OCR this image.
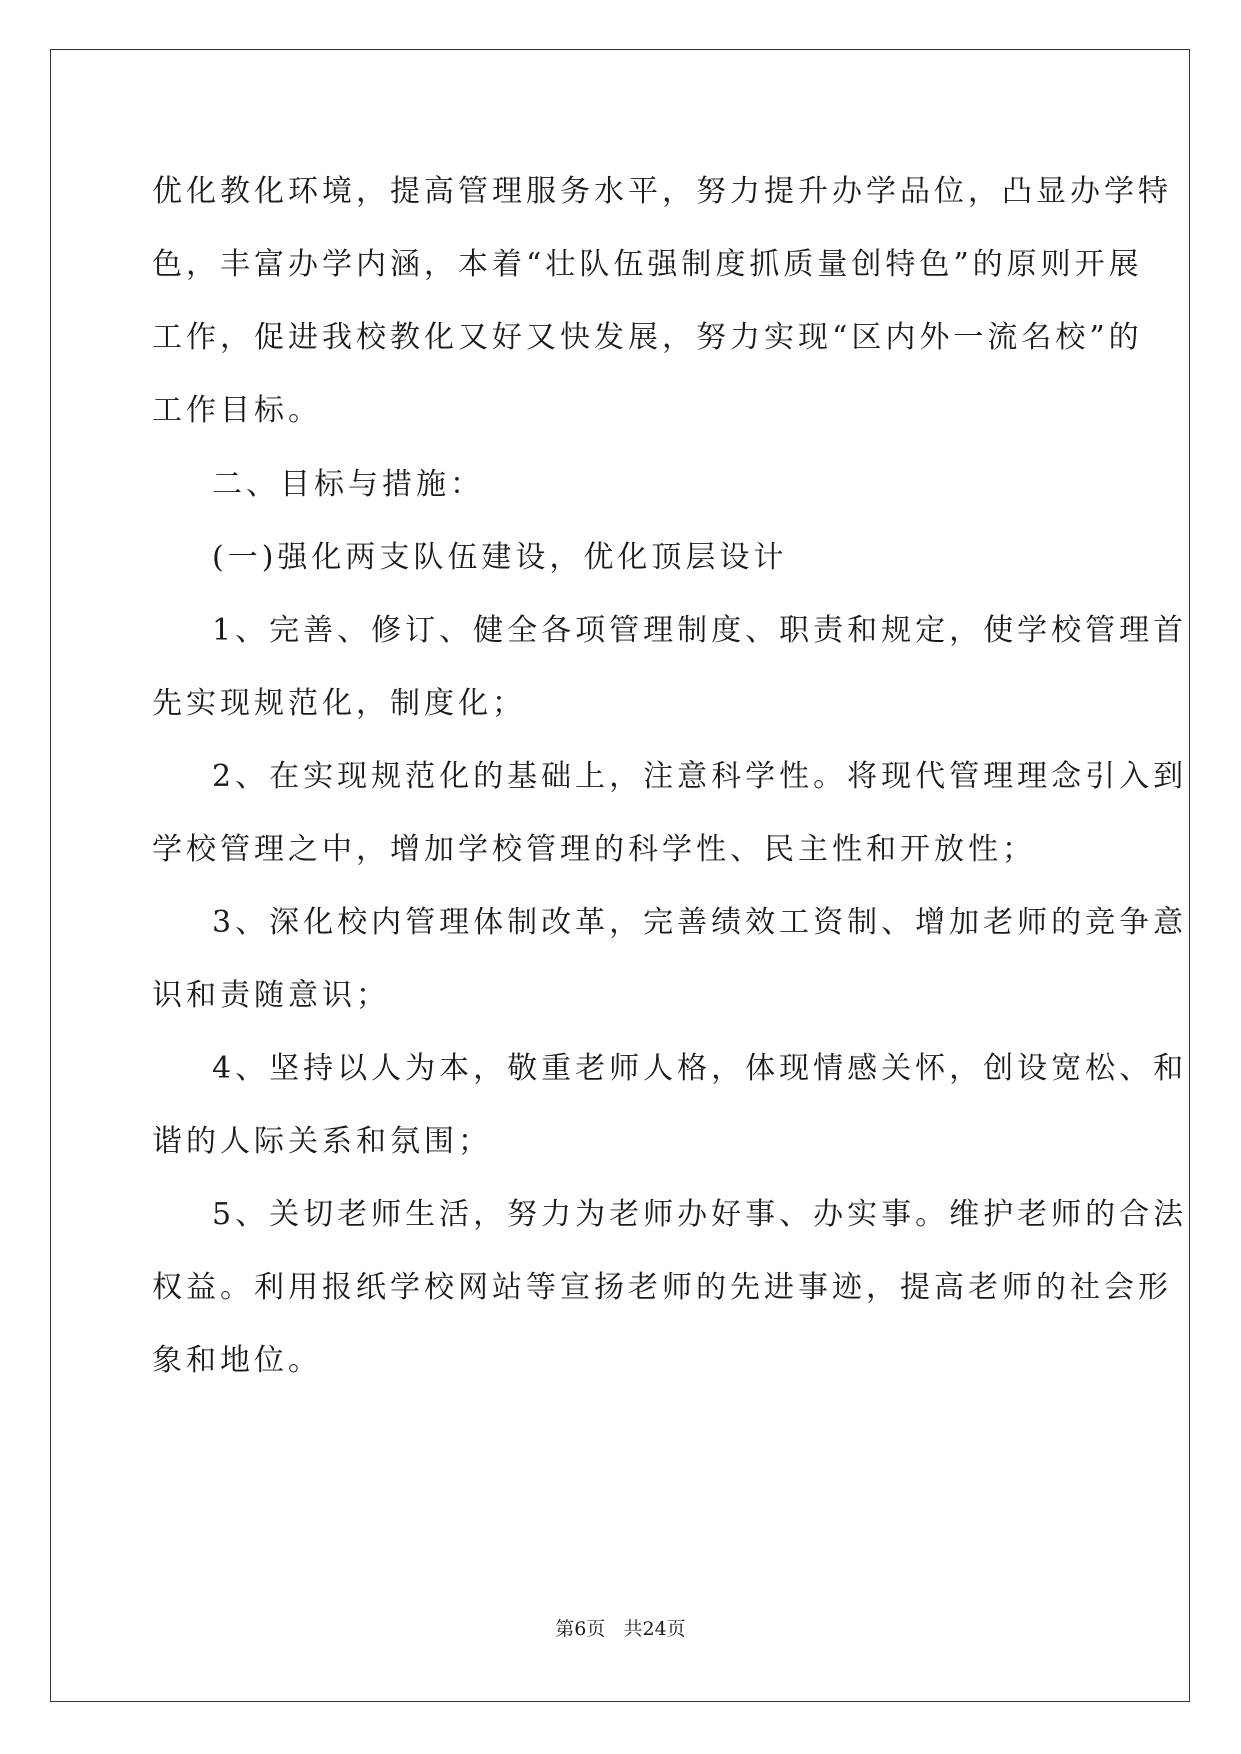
优化教化环境，提高管理服务水平，努力提升办学品位，凸显办学特
色，丰富办学内涵，本着“壮队伍强制度抓质量创特色”的原则开展
工作，促进我校教化又好又快发展，努力实现“区内外一流名校”的
工作目标。
二、目标与措施：
(一)强化两支队伍建设，优化顶层设计
1、完善、修订、健全各项管理制度、职责和规定，使学校管理首
先实现规范化，制度化；
2、在实现规范化的基础上，注意科学性。将现代管理理念引入到
学校管理之中，增加学校管理的科学性、民主性和开放性；
3、深化校内管理体制改革，完善绩效工资制、增加老师的竞争意
识和责随意识；
4、坚持以人为本，敬重老师人格，体现情感关怀，创设宽松、和
谐的人际关系和氛围；
5、关切老师生活，努力为老师办好事、办实事。维护老师的合法
权益。利用报纸学校网站等宣扬老师的先进事迹，提高老师的社会形
象和地位。
第6页   共24页
